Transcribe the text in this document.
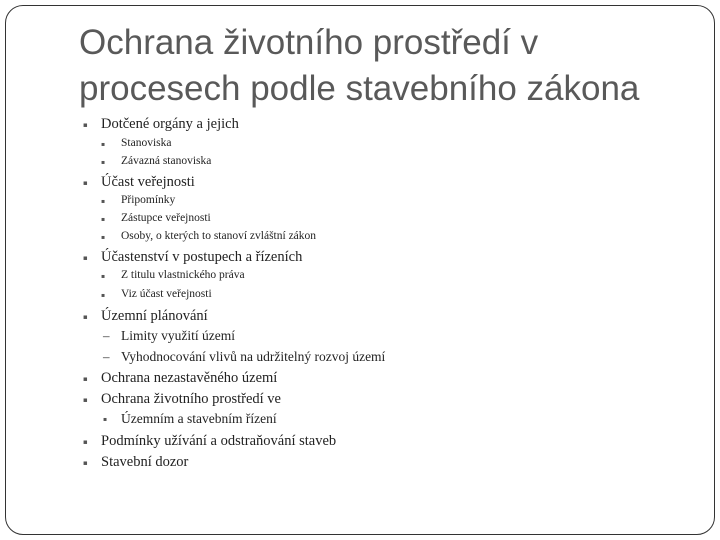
Ochrana životního prostředí v
procesech podle stavebního zákona
▪ Dotčené orgány a jejich
▪ Stanoviska
▪ Závazná stanoviska
▪ Účast veřejnosti
▪ Připomínky
▪ Zástupce veřejnosti
▪ Osoby, o kterých to stanoví zvláštní zákon
▪ Účastenství v postupech a řízeních
▪ Z titulu vlastnického práva
▪ Viz účast veřejnosti
▪ Územní plánování
– Limity využití území
– Vyhodnocování vlivů na udržitelný rozvoj území
▪ Ochrana nezastavěného území
▪ Ochrana životního prostředí ve
▪ Územním a stavebním řízení
▪ Podmínky užívání a odstraňování staveb
▪ Stavební dozor
